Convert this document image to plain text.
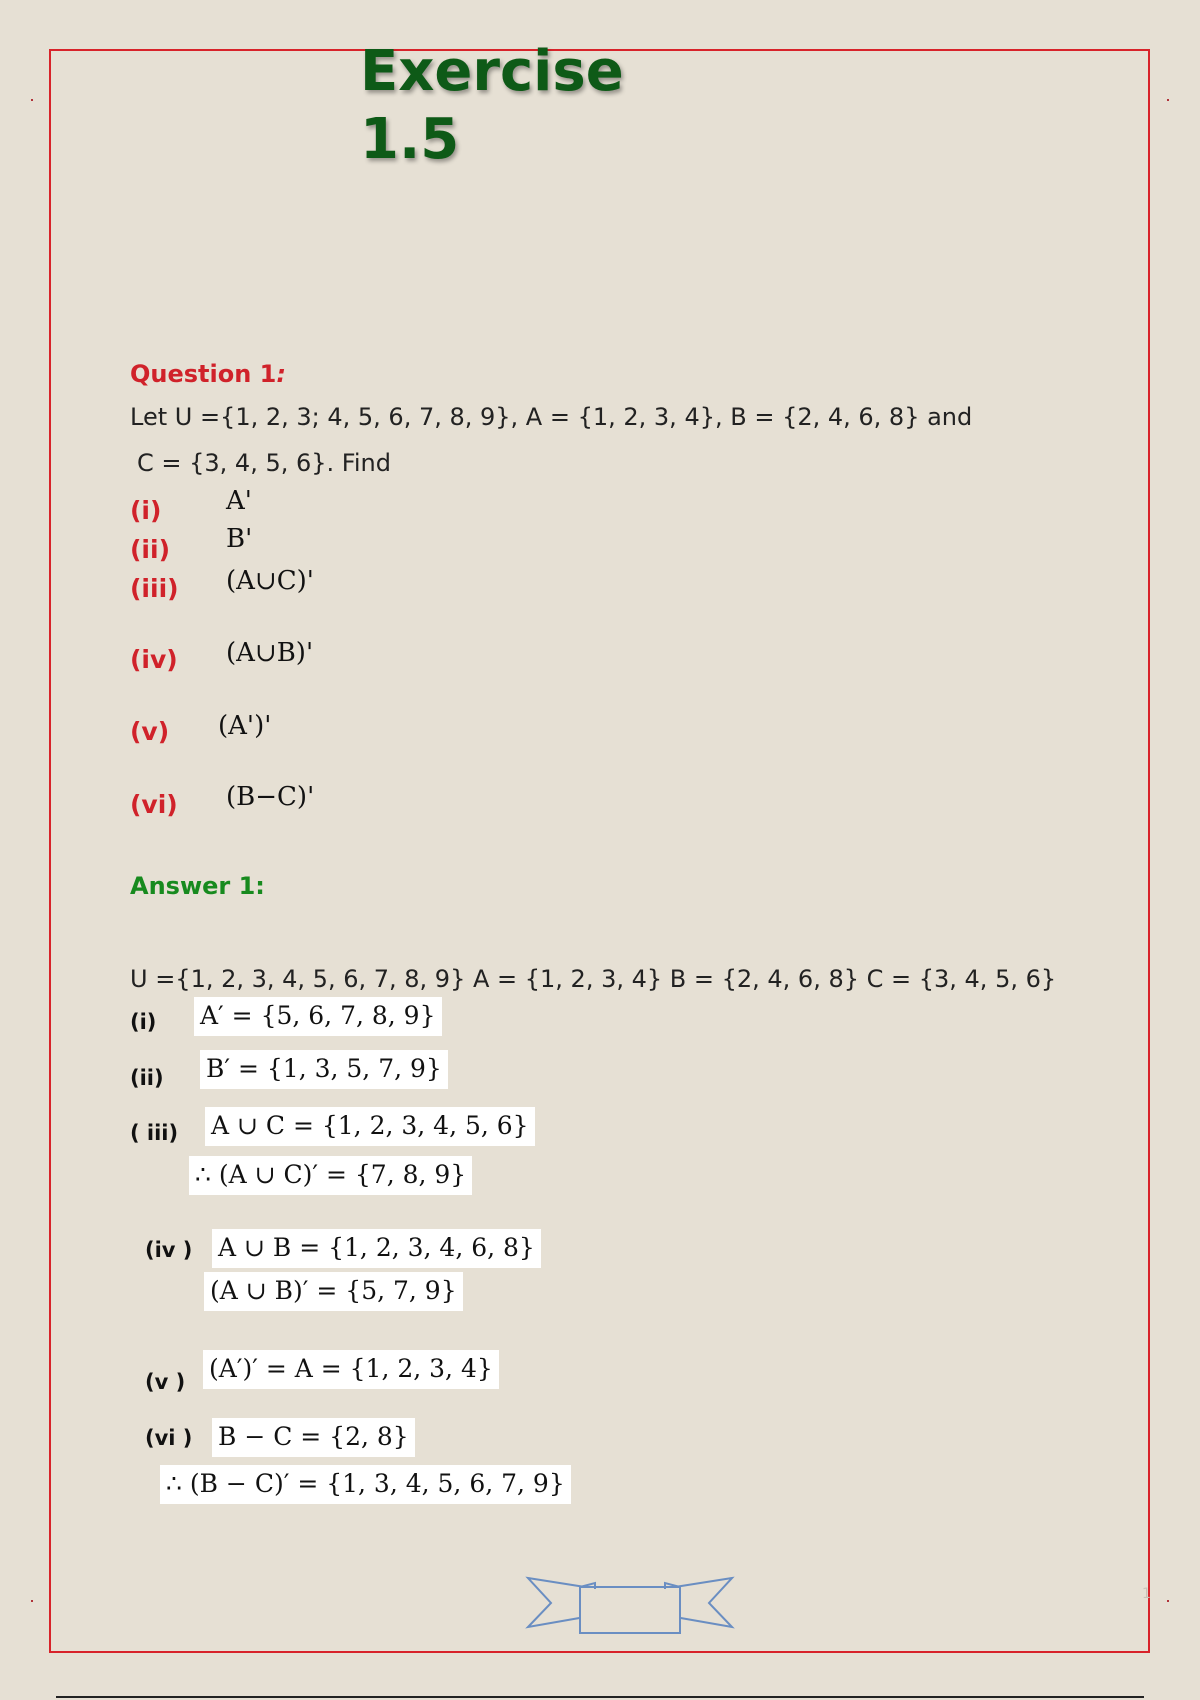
Exercise
1.5
Question 1:
Let U ={1, 2, 3; 4, 5, 6, 7, 8, 9}, A = {1, 2, 3, 4}, B = {2, 4, 6, 8} and
C = {3, 4, 5, 6}. Find
(i) A'
(ii) B'
(iii) (A∪C)'
(iv) (A∪B)'
(v) (A')'
(vi) (B−C)'
Answer 1:
U ={1, 2, 3, 4, 5, 6, 7, 8, 9} A = {1, 2, 3, 4} B = {2, 4, 6, 8} C = {3, 4, 5, 6}
(i) A′ = {5, 6, 7, 8, 9}
(ii) B′ = {1, 3, 5, 7, 9}
( iii) A ∪ C = {1, 2, 3, 4, 5, 6}
∴ (A ∪ C)′ = {7, 8, 9}
(iv ) A ∪ B = {1, 2, 3, 4, 6, 8}
(A ∪ B)′ = {5, 7, 9}
(v ) (A′)′ = A = {1, 2, 3, 4}
(vi ) B − C = {2, 8}
∴ (B − C)′ = {1, 3, 4, 5, 6, 7, 9}
1
